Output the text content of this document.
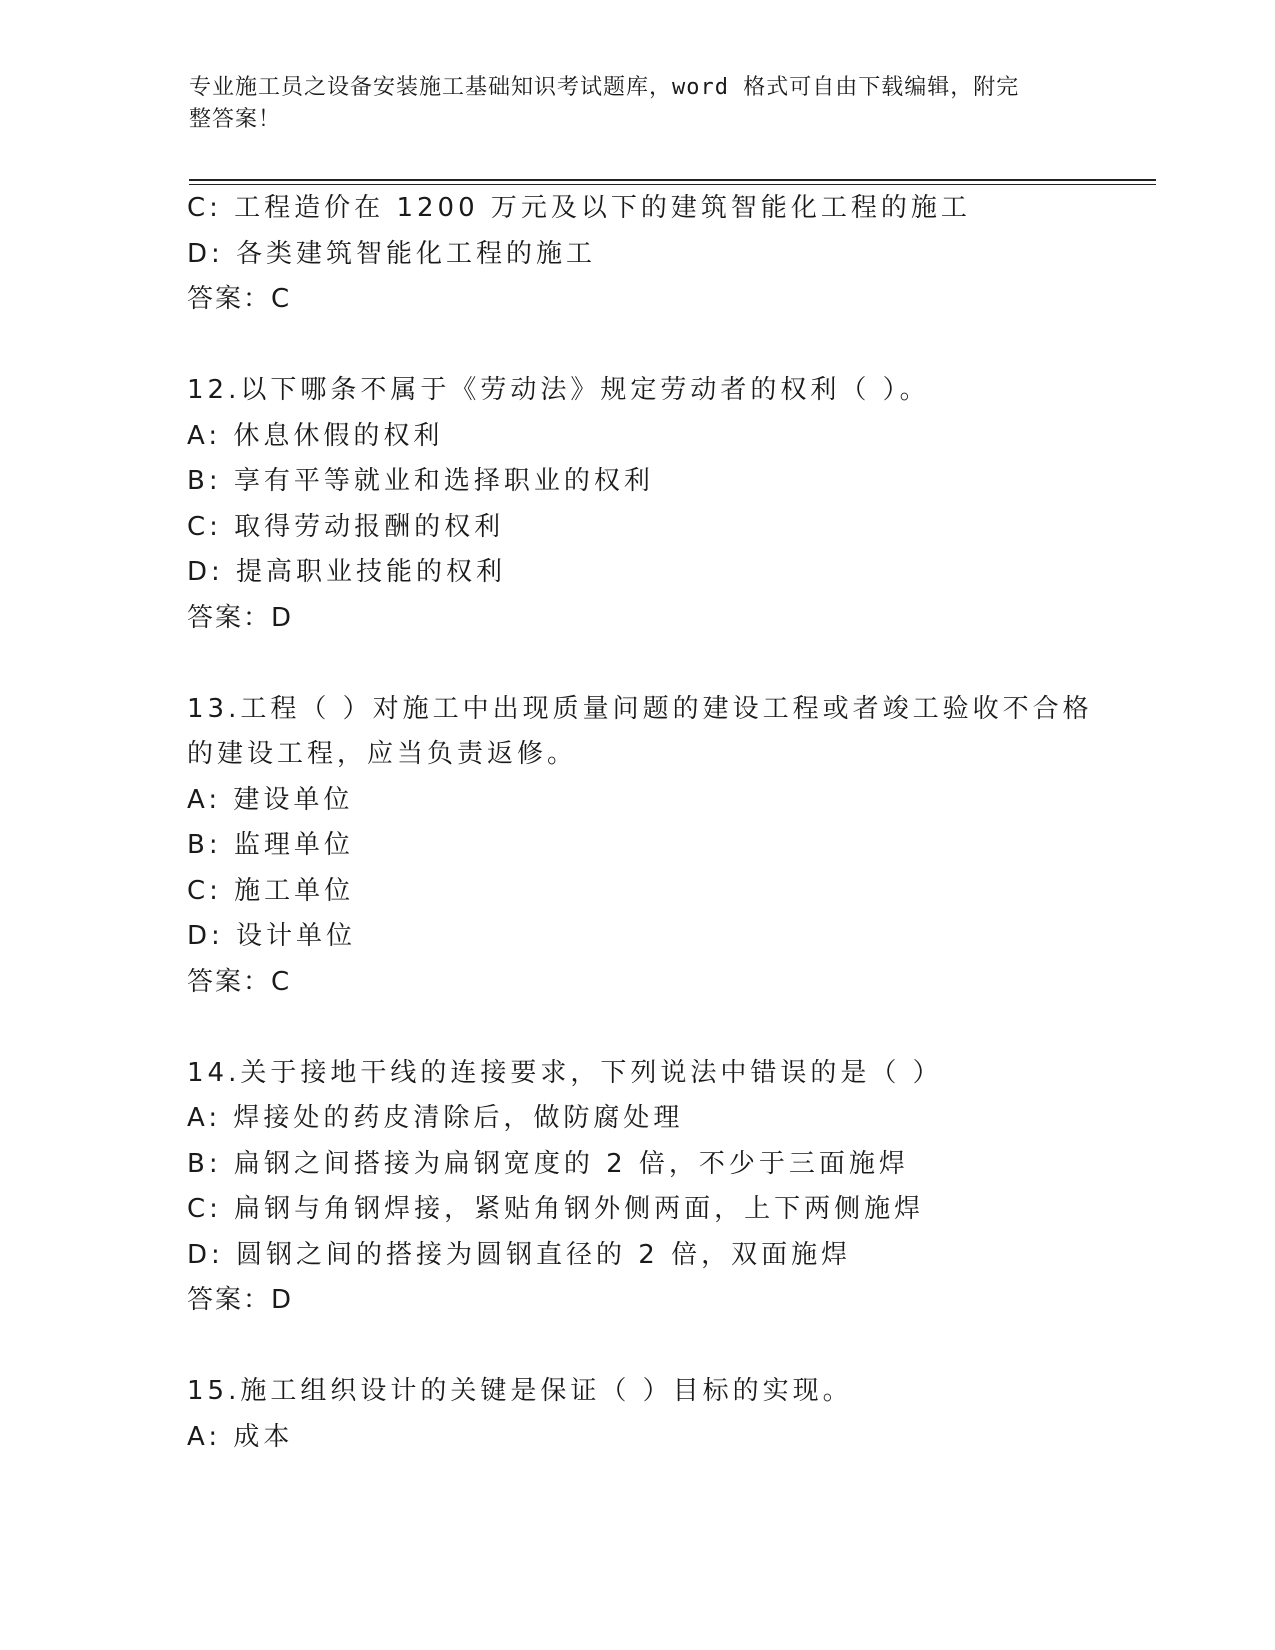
专业施工员之设备安装施工基础知识考试题库，word 格式可自由下载编辑，附完
整答案！
C: 工程造价在 1200 万元及以下的建筑智能化工程的施工
D: 各类建筑智能化工程的施工
答案：C
12.以下哪条不属于《劳动法》规定劳动者的权利（ ）。
A: 休息休假的权利
B: 享有平等就业和选择职业的权利
C: 取得劳动报酬的权利
D: 提高职业技能的权利
答案：D
13.工程（ ）对施工中出现质量问题的建设工程或者竣工验收不合格
的建设工程，应当负责返修。
A: 建设单位
B: 监理单位
C: 施工单位
D: 设计单位
答案：C
14.关于接地干线的连接要求，下列说法中错误的是（ ）
A: 焊接处的药皮清除后，做防腐处理
B: 扁钢之间搭接为扁钢宽度的 2 倍，不少于三面施焊
C: 扁钢与角钢焊接，紧贴角钢外侧两面，上下两侧施焊
D: 圆钢之间的搭接为圆钢直径的 2 倍，双面施焊
答案：D
15.施工组织设计的关键是保证（ ）目标的实现。
A: 成本
